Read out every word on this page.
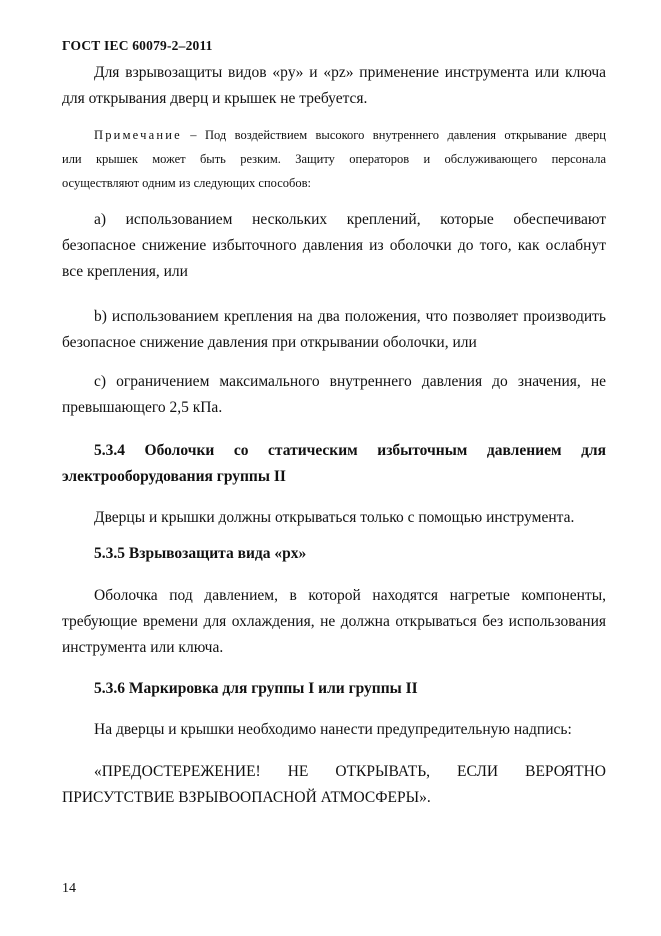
ГОСТ IEC 60079-2–2011
Для взрывозащиты видов «py» и «pz» применение инструмента или ключа
для открывания дверц и крышек не требуется.
Примечание – Под воздействием высокого внутреннего давления открывание дверц
или крышек может быть резким. Защиту операторов и обслуживающего персонала
осуществляют одним из следующих способов:
a) использованием нескольких креплений, которые обеспечивают
безопасное снижение избыточного давления из оболочки до того, как ослабнут
все крепления, или
b) использованием крепления на два положения, что позволяет производить
безопасное снижение давления при открывании оболочки, или
c) ограничением максимального внутреннего давления до значения, не
превышающего 2,5 кПа.
5.3.4 Оболочки со статическим избыточным давлением для
электрооборудования группы II
Дверцы и крышки должны открываться только с помощью инструмента.
5.3.5 Взрывозащита вида «px»
Оболочка под давлением, в которой находятся нагретые компоненты,
требующие времени для охлаждения, не должна открываться без использования
инструмента или ключа.
5.3.6 Маркировка для группы I или группы II
На дверцы и крышки необходимо нанести предупредительную надпись:
«ПРЕДОСТЕРЕЖЕНИЕ! НЕ ОТКРЫВАТЬ, ЕСЛИ ВЕРОЯТНО
ПРИСУТСТВИЕ ВЗРЫВООПАСНОЙ АТМОСФЕРЫ».
14
